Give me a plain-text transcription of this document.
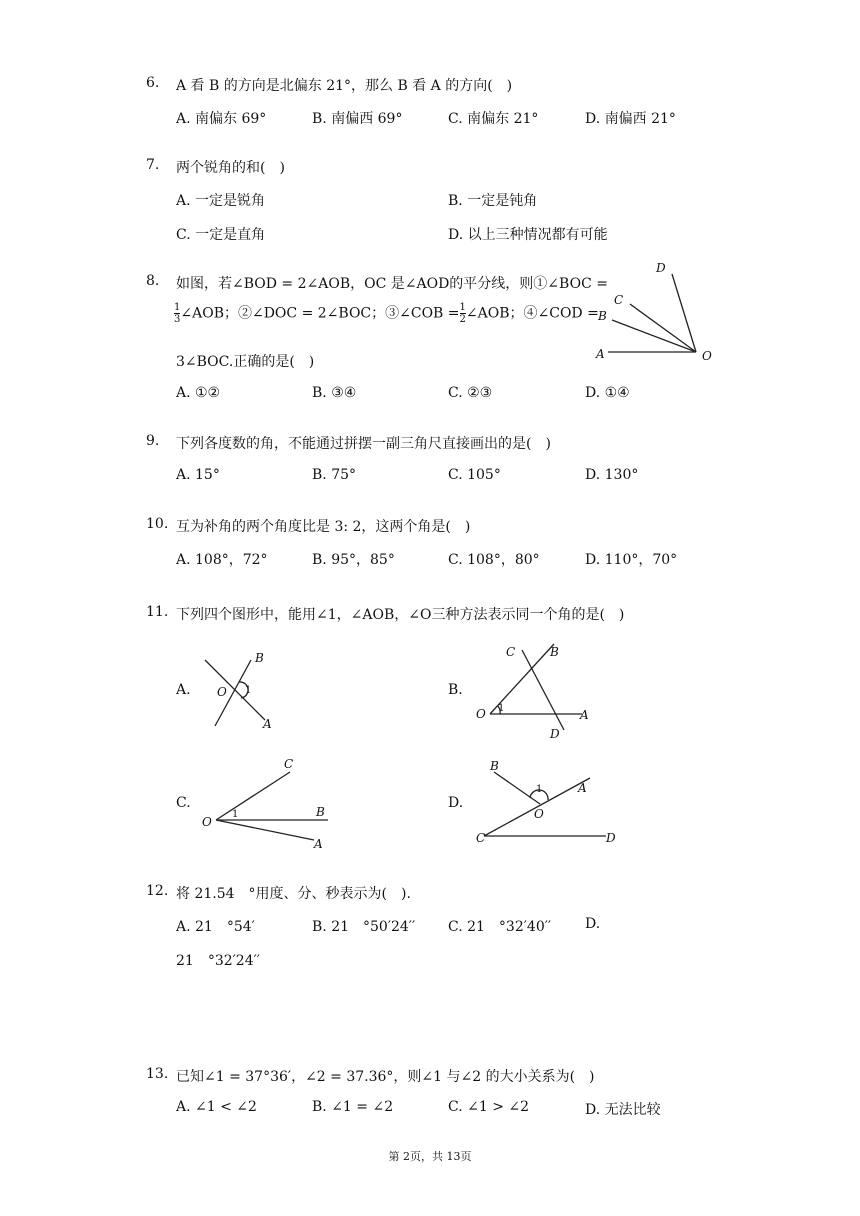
6. A 看 B 的方向是北偏东 21°，那么 B 看 A 的方向(　)
A. 南偏东 69°	B. 南偏西 69°	C. 南偏东 21°	D. 南偏西 21°
7. 两个锐角的和(　)
A. 一定是锐角	B. 一定是钝角
C. 一定是直角	D. 以上三种情况都有可能
8. 如图，若∠BOD = 2∠AOB，OC 是∠AOD的平分线，则①∠BOC =
$\frac{1}{3}$ ∠AOB；②∠DOC = 2∠BOC；③∠COB = $\frac{1}{2}$ ∠AOB；④∠COD =
3∠BOC.正确的是(　)
A. ①②	B. ③④	C. ②③	D. ①④
D
C
B
A	O
9. 下列各度数的角，不能通过拼摆一副三角尺直接画出的是(　)
A. 15°	B. 75°	C. 105°	D. 130°
10. 互为补角的两个角度比是 3: 2，这两个角是(　)
A. 108°，72°	B. 95°，85°	C. 108°，80°	D. 110°，70°
11. 下列四个图形中，能用∠1，∠AOB，∠O三种方法表示同一个角的是(　)
A.
B
O 1
A
B.
C	B
O 1	A
D
C.
C
O
1	B
A
D.
B
1	A
O
C	D
12. 将 21.54　°用度、分、秒表示为(　).
A. 21　°54′	B. 21　°50′24′′ C. 21　°32′40′′ D.
21　°32′24′′
13. 已知∠1 = 37°36′，∠2 = 37.36°，则∠1 与∠2 的大小关系为(　)
A. ∠1 < ∠2	B. ∠1 = ∠2	C. ∠1 > ∠2	D. 无法比较
第 2页，共 13页
